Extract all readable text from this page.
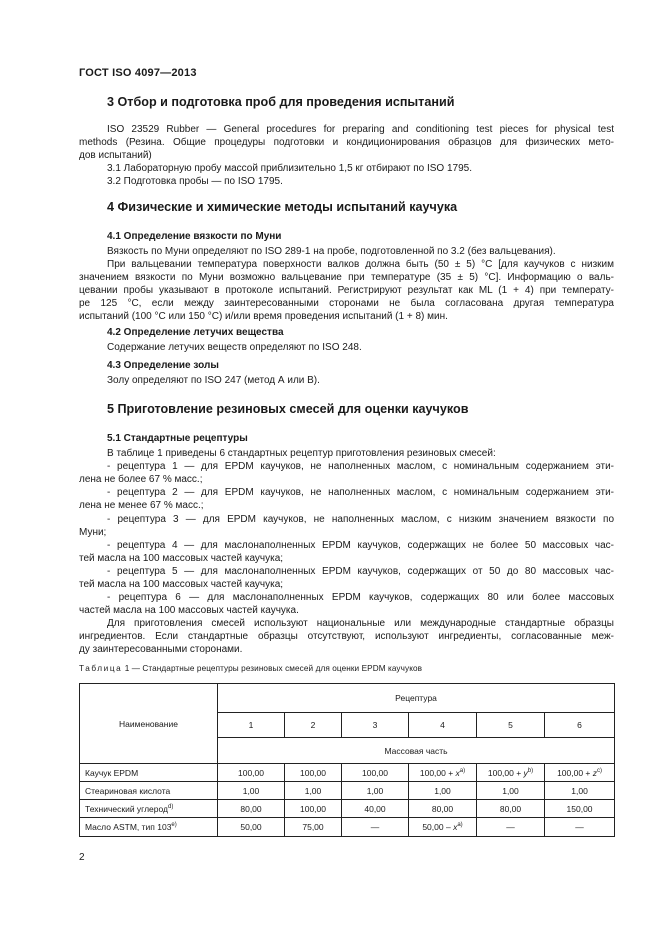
ГОСТ ISO 4097—2013
3 Отбор и подготовка проб для проведения испытаний
ISO 23529 Rubber — General procedures for preparing and conditioning test pieces for physical test
methods (Резина. Общие процедуры подготовки и кондиционирования образцов для физических мето-
дов испытаний)
3.1 Лабораторную пробу массой приблизительно 1,5 кг отбирают по ISO 1795.
3.2 Подготовка пробы — по ISO 1795.
4 Физические и химические методы испытаний каучука
4.1 Определение вязкости по Муни
Вязкость по Муни определяют по ISO 289-1 на пробе, подготовленной по 3.2 (без вальцевания).
При вальцевании температура поверхности валков должна быть (50 ± 5) °С [для каучуков с низким
значением вязкости по Муни возможно вальцевание при температуре (35 ± 5) °С]. Информацию о валь-
цевании пробы указывают в протоколе испытаний. Регистрируют результат как ML (1 + 4) при температу-
ре 125 °С, если между заинтересованными сторонами не была согласована другая температура
испытаний (100 °С или 150 °С) и/или время проведения испытаний (1 + 8) мин.
4.2 Определение летучих вещества
Содержание летучих веществ определяют по ISO 248.
4.3 Определение золы
Золу определяют по ISO 247 (метод А или В).
5 Приготовление резиновых смесей для оценки каучуков
5.1 Стандартные рецептуры
В таблице 1 приведены 6 стандартных рецептур приготовления резиновых смесей:
- рецептура 1 — для EPDM каучуков, не наполненных маслом, с номинальным содержанием эти-
лена не более 67 % масс.;
- рецептура 2 — для EPDM каучуков, не наполненных маслом, с номинальным содержанием эти-
лена не менее 67 % масс.;
- рецептура 3 — для EPDM каучуков, не наполненных маслом, с низким значением вязкости по
Муни;
- рецептура 4 — для маслонаполненных EPDM каучуков, содержащих не более 50 массовых час-
тей масла на 100 массовых частей каучука;
- рецептура 5 — для маслонаполненных EPDM каучуков, содержащих от 50 до 80 массовых час-
тей масла на 100 массовых частей каучука;
- рецептура 6 — для маслонаполненных EPDM каучуков, содержащих 80 или более массовых
частей масла на 100 массовых частей каучука.
Для приготовления смесей используют национальные или международные стандартные образцы
ингредиентов. Если стандартные образцы отсутствуют, используют ингредиенты, согласованные меж-
ду заинтересованными сторонами.
Таблица 1 — Стандартные рецептуры резиновых смесей для оценки EPDM каучуков
Наименование	Рецептура					
	1	2	3	4	5	6
	Массовая часть					
Каучук EPDM	100,00	100,00	100,00	$100,00 + x^{a)}$	$100,00 + y^{b)}$	$100,00 + z^{c)}$
Стеариновая кислота	1,00	1,00	1,00	1,00	1,00	1,00
Технический углерод$^{d)}$	80,00	100,00	40,00	80,00	80,00	150,00
Масло ASTM, тип 103$^{e)}$	50,00	75,00	—	$50,00 - x^{a)}$	—	—
2
